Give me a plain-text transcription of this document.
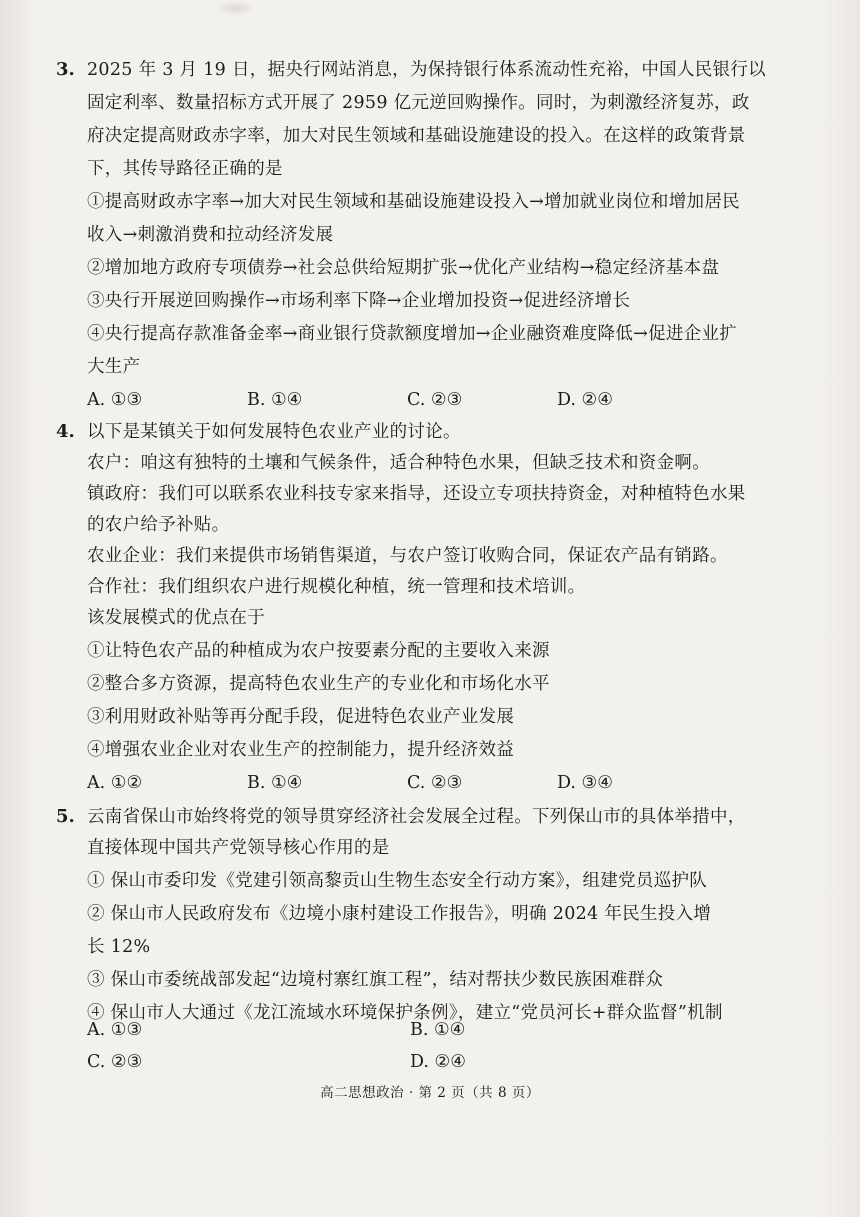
3. 2025 年 3 月 19 日，据央行网站消息，为保持银行体系流动性充裕，中国人民银行以
固定利率、数量招标方式开展了 2959 亿元逆回购操作。同时，为刺激经济复苏，政
府决定提高财政赤字率，加大对民生领域和基础设施建设的投入。在这样的政策背景
下，其传导路径正确的是
①提高财政赤字率→加大对民生领域和基础设施建设投入→增加就业岗位和增加居民
收入→刺激消费和拉动经济发展
②增加地方政府专项债券→社会总供给短期扩张→优化产业结构→稳定经济基本盘
③央行开展逆回购操作→市场利率下降→企业增加投资→促进经济增长
④央行提高存款准备金率→商业银行贷款额度增加→企业融资难度降低→促进企业扩
大生产
A. ①③	B. ①④	C. ②③	D. ②④
4. 以下是某镇关于如何发展特色农业产业的讨论。
农户：咱这有独特的土壤和气候条件，适合种特色水果，但缺乏技术和资金啊。
镇政府：我们可以联系农业科技专家来指导，还设立专项扶持资金，对种植特色水果
的农户给予补贴。
农业企业：我们来提供市场销售渠道，与农户签订收购合同，保证农产品有销路。
合作社：我们组织农户进行规模化种植，统一管理和技术培训。
该发展模式的优点在于
①让特色农产品的种植成为农户按要素分配的主要收入来源
②整合多方资源，提高特色农业生产的专业化和市场化水平
③利用财政补贴等再分配手段，促进特色农业产业发展
④增强农业企业对农业生产的控制能力，提升经济效益
A. ①②	B. ①④	C. ②③	D. ③④
5. 云南省保山市始终将党的领导贯穿经济社会发展全过程。下列保山市的具体举措中，
直接体现中国共产党领导核心作用的是
① 保山市委印发《党建引领高黎贡山生物生态安全行动方案》，组建党员巡护队
② 保山市人民政府发布《边境小康村建设工作报告》，明确 2024 年民生投入增
长 12%
③ 保山市委统战部发起“边境村寨红旗工程”，结对帮扶少数民族困难群众
④ 保山市人大通过《龙江流域水环境保护条例》，建立“党员河长+群众监督”机制
A. ①③	B. ①④
C. ②③	D. ②④
高二思想政治 · 第 2 页（共 8 页）
